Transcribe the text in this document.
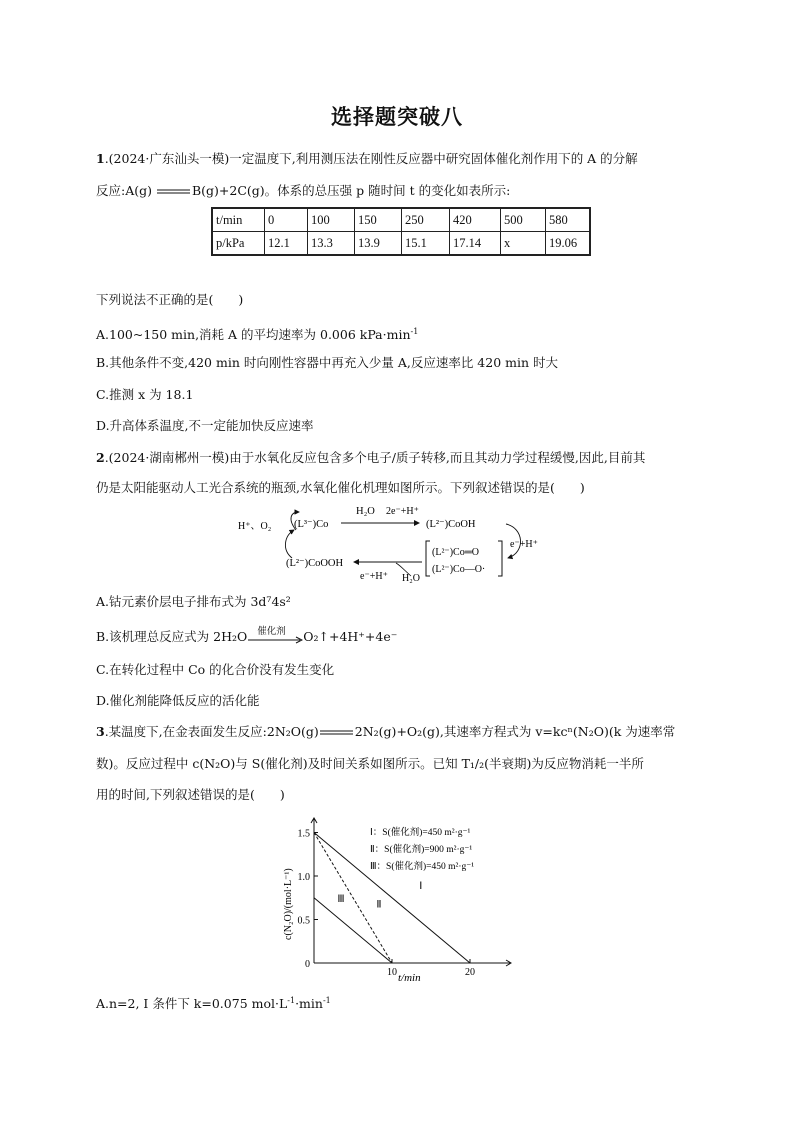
选择题突破八
1.(2024·广东汕头一模)一定温度下,利用测压法在刚性反应器中研究固体催化剂作用下的 A 的分解
反应:A(g)	B(g)+2C(g)。体系的总压强 p 随时间 t 的变化如表所示:
t/min	0	100	150	250	420	500	580
p/kPa	12.1	13.3	13.9	15.1	17.14	x	19.06
下列说法不正确的是(　　)
A.100~150 min,消耗 A 的平均速率为 0.006 $kPa\cdot\min^{-1}$
B.其他条件不变,420 min 时向刚性容器中再充入少量 A,反应速率比 420 min 时大
C.推测 x 为 18.1
D.升高体系温度,不一定能加快反应速率
2.(2024·湖南郴州一模)由于水氧化反应包含多个电子/质子转移,而且其动力学过程缓慢,因此,目前其
仍是太阳能驱动人工光合系统的瓶颈,水氧化催化机理如图所示。下列叙述错误的是(　　)
H⁺、O₂ (L³⁻)Co
H₂O 2e⁻+H⁺
(L²⁻)CoOH
e⁻+H⁺
(L²⁻)Co═O
(L²⁻)Co—O·
H₂O
e⁻+H⁺
(L²⁻)CoOOH
A.钴元素价层电子排布式为 3d⁷4s²
B.该机理总反应式为 2H₂O 催化剂 O₂↑+4H⁺+4e⁻
C.在转化过程中 Co 的化合价没有发生变化
D.催化剂能降低反应的活化能
3.某温度下,在金表面发生反应:2N₂O(g)	2N₂(g)+O₂(g),其速率方程式为 v=kcⁿ(N₂O)(k 为速率常
数)。反应过程中 c(N₂O)与 S(催化剂)及时间关系如图所示。已知 T₁/₂(半衰期)为反应物消耗一半所
用的时间,下列叙述错误的是(　　)
t/min
c(N₂O)/(mol·L⁻¹)
0
0.5
1.0
1.5
10	20
Ⅰ
Ⅱ
Ⅲ
Ⅰ：S(催化剂)=450 m²·g⁻¹
Ⅱ：S(催化剂)=900 m²·g⁻¹
Ⅲ：S(催化剂)=450 m²·g⁻¹
A.n=2, I 条件下 k=0.075 $mol\cdot L^{-1}\cdot\min^{-1}$
